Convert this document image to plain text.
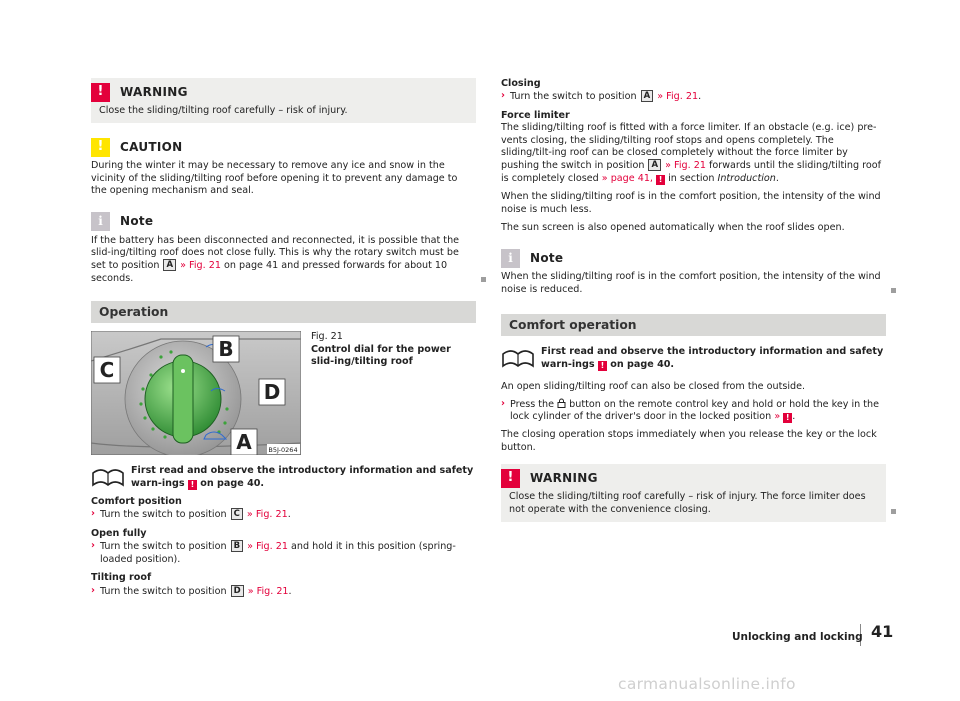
!	WARNING
Close the sliding/tilting roof carefully – risk of injury.
!	CAUTION
During the winter it may be necessary to remove any ice and snow in the vicinity of the sliding/tilting roof before opening it to prevent any damage to the opening mechanism and seal.
i	Note
If the battery has been disconnected and reconnected, it is possible that the slid-ing/tilting roof does not close fully. This is why the rotary switch must be set to position A » Fig. 21 on page 41 and pressed forwards for about 10 seconds.
Operation
B
C
D
A	B5J-0264
Fig. 21
Control dial for the power slid-ing/tilting roof
First read and observe the introductory information and safety warn-ings ! on page 40.
Comfort position
› Turn the switch to position C » Fig. 21.
Open fully
› Turn the switch to position B » Fig. 21 and hold it in this position (spring-loaded position).
Tilting roof
› Turn the switch to position D » Fig. 21.
Closing
› Turn the switch to position A » Fig. 21.
Force limiter
The sliding/tilting roof is fitted with a force limiter. If an obstacle (e.g. ice) pre-vents closing, the sliding/tilting roof stops and opens completely. The sliding/tilt-ing roof can be closed completely without the force limiter by pushing the switch in position A » Fig. 21 forwards until the sliding/tilting roof is completely closed » page 41, ! in section Introduction.
When the sliding/tilting roof is in the comfort position, the intensity of the wind noise is much less.
The sun screen is also opened automatically when the roof slides open.
i	Note
When the sliding/tilting roof is in the comfort position, the intensity of the wind noise is reduced.
Comfort operation
First read and observe the introductory information and safety warn-ings ! on page 40.
An open sliding/tilting roof can also be closed from the outside.
› Press the button on the remote control key and hold or hold the key in the lock cylinder of the driver's door in the locked position » ! .
The closing operation stops immediately when you release the key or the lock button.
!	WARNING
Close the sliding/tilting roof carefully – risk of injury. The force limiter does not operate with the convenience closing.
Unlocking and locking 41
carmanualsonline.info
